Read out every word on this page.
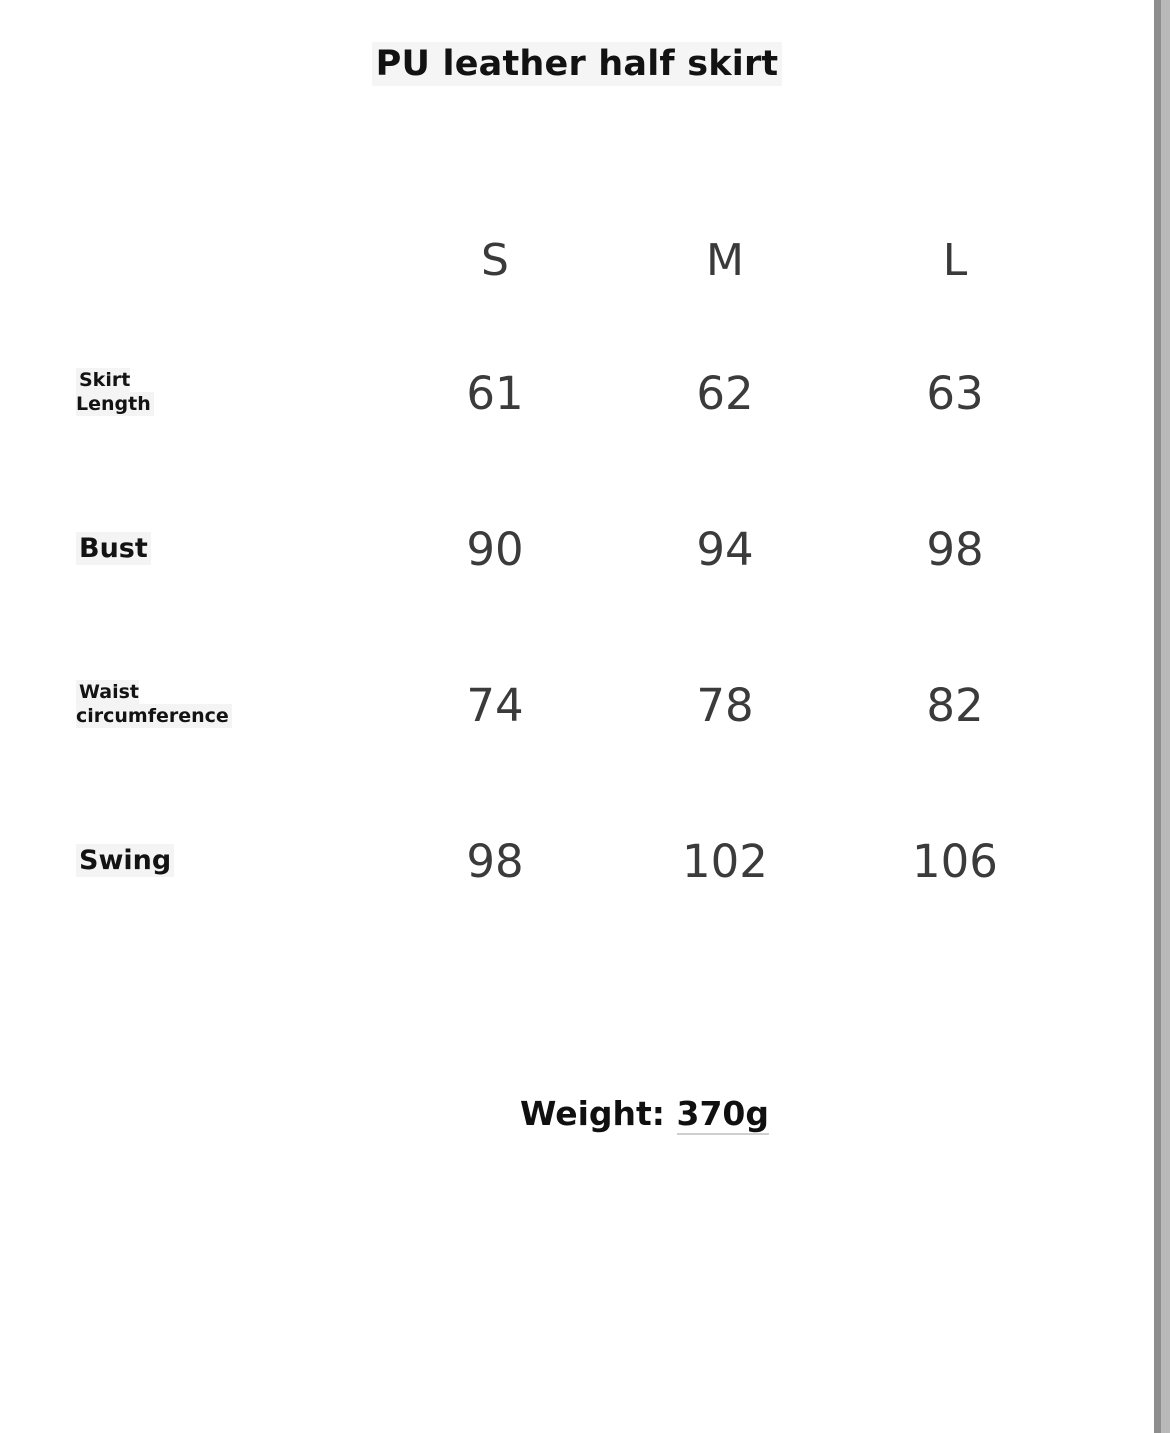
PU leather half skirt
	S	M	L
Skirt
Length	61	62	63
Bust	90	94	98
Waist
circumference	74	78	82
Swing	98	102	106
Weight: 370g
